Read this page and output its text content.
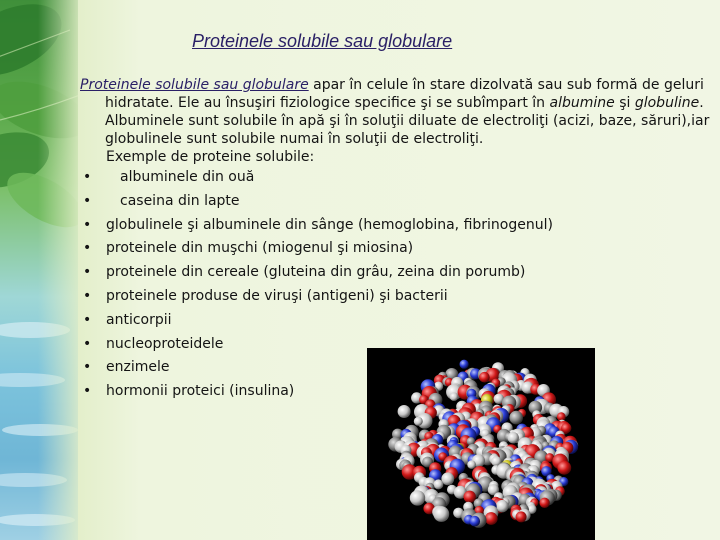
Proteinele solubile sau globulare

Proteinele solubile sau globulare apar în celule în stare dizolvată sau sub formă de geluri hidratate. Ele au însuşiri fiziologice specifice şi se subîmpart în albumine şi globuline. Albuminele sunt solubile în apă şi în soluţii diluate de electroliţi (acizi, baze, săruri),iar globulinele sunt solubile numai în soluţii de electroliţi.

Exemple de proteine solubile:

• albuminele din ouă
• caseina din lapte
• globulinele şi albuminele din sânge (hemoglobina, fibrinogenul)
• proteinele din muşchi (miogenul şi miosina)
• proteinele din cereale (gluteina din grâu, zeina din porumb)
• proteinele produse de viruşi (antigeni) şi bacterii
• anticorpii
• nucleoproteidele
• enzimele
• hormonii proteici (insulina)
